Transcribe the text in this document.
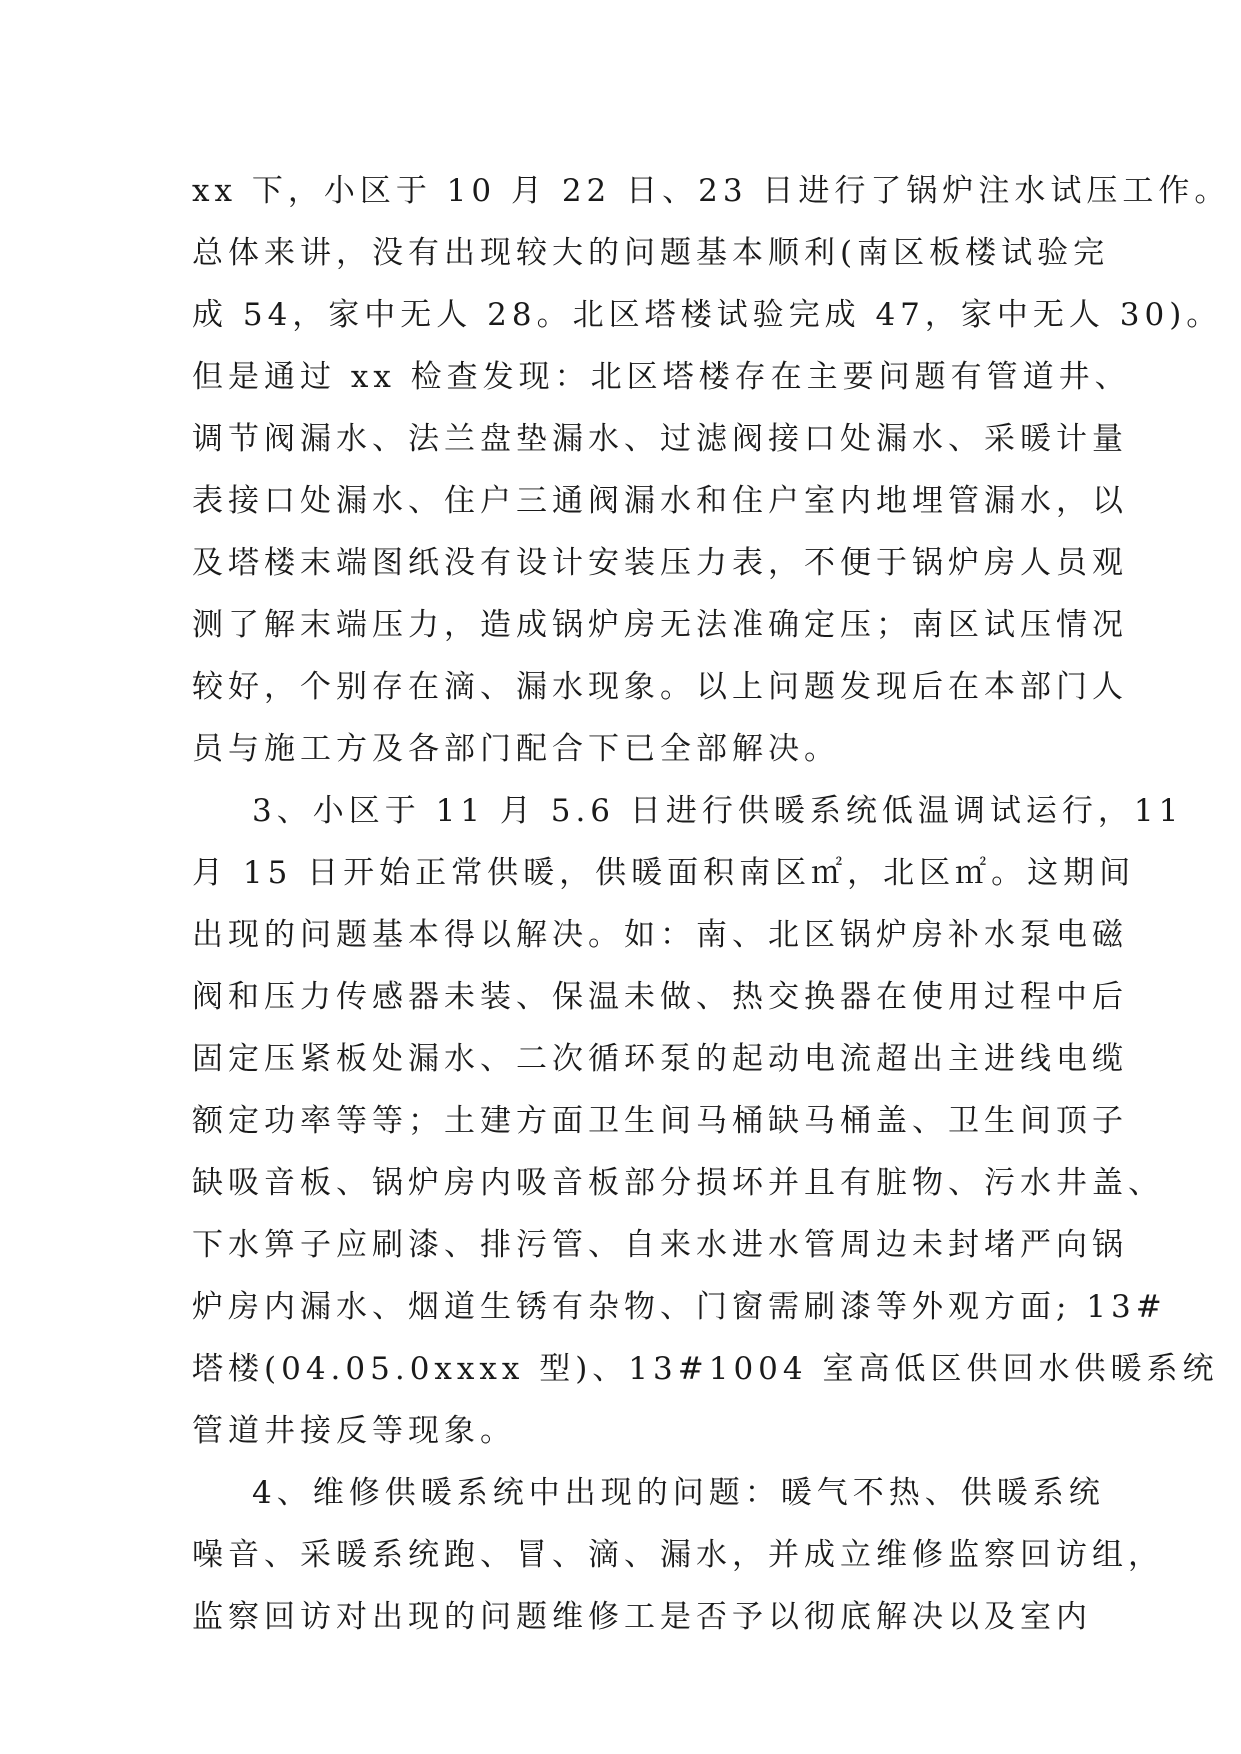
xx 下，小区于 10 月 22 日、23 日进行了锅炉注水试压工作。
总体来讲，没有出现较大的问题基本顺利(南区板楼试验完
成 54，家中无人 28。北区塔楼试验完成 47，家中无人 30)。
但是通过 xx 检查发现：北区塔楼存在主要问题有管道井、
调节阀漏水、法兰盘垫漏水、过滤阀接口处漏水、采暖计量
表接口处漏水、住户三通阀漏水和住户室内地埋管漏水，以
及塔楼末端图纸没有设计安装压力表，不便于锅炉房人员观
测了解末端压力，造成锅炉房无法准确定压；南区试压情况
较好，个别存在滴、漏水现象。以上问题发现后在本部门人
员与施工方及各部门配合下已全部解决。
3、小区于 11 月 5.6 日进行供暖系统低温调试运行，11
月 15 日开始正常供暖，供暖面积南区㎡，北区㎡。这期间
出现的问题基本得以解决。如：南、北区锅炉房补水泵电磁
阀和压力传感器未装、保温未做、热交换器在使用过程中后
固定压紧板处漏水、二次循环泵的起动电流超出主进线电缆
额定功率等等；土建方面卫生间马桶缺马桶盖、卫生间顶子
缺吸音板、锅炉房内吸音板部分损坏并且有脏物、污水井盖、
下水箅子应刷漆、排污管、自来水进水管周边未封堵严向锅
炉房内漏水、烟道生锈有杂物、门窗需刷漆等外观方面; 13#
塔楼(04.05.0xxxx 型)、13#1004 室高低区供回水供暖系统
管道井接反等现象。
4、维修供暖系统中出现的问题：暖气不热、供暖系统
噪音、采暖系统跑、冒、滴、漏水，并成立维修监察回访组，
监察回访对出现的问题维修工是否予以彻底解决以及室内
